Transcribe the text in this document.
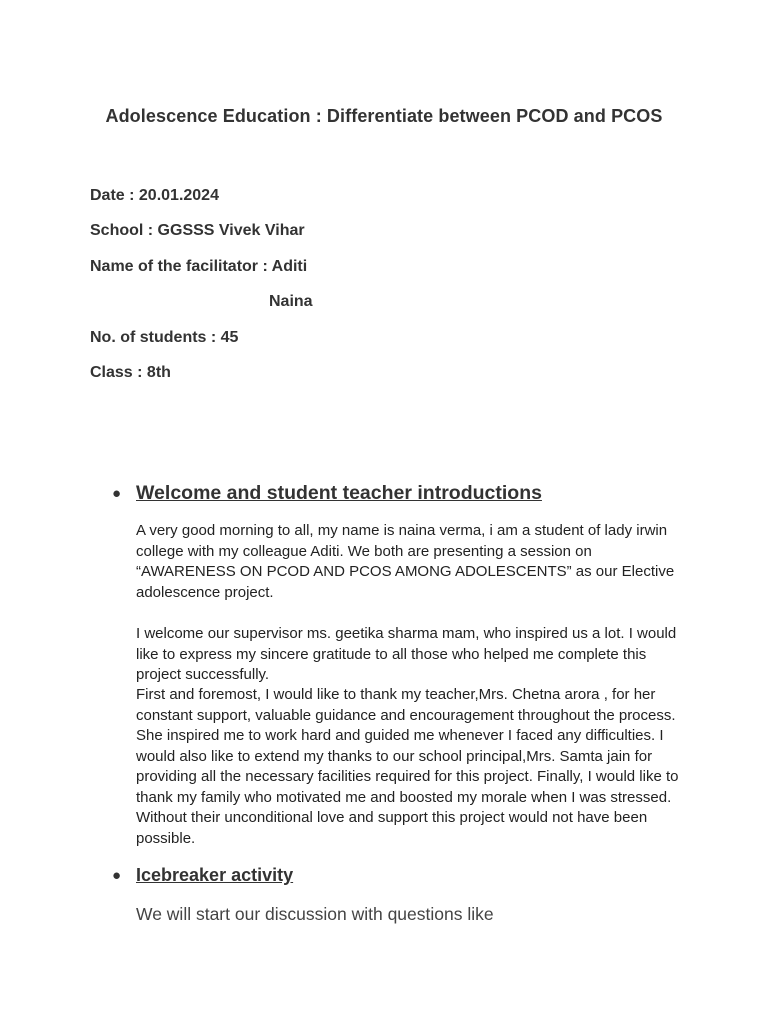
Adolescence Education : Differentiate between PCOD and PCOS

Date : 20.01.2024

School : GGSSS Vivek Vihar

Name of the facilitator : Aditi

Naina

No. of students : 45

Class : 8th

● Welcome and student teacher introductions

A very good morning to all, my name is naina verma, i am a student of lady irwin college with my colleague Aditi. We both are presenting a session on “AWARENESS ON PCOD AND PCOS AMONG ADOLESCENTS” as our Elective adolescence project.

I welcome our supervisor ms. geetika sharma mam, who inspired us a lot. I would like to express my sincere gratitude to all those who helped me complete this project successfully.

First and foremost, I would like to thank my teacher,Mrs. Chetna arora , for her constant support, valuable guidance and encouragement throughout the process. She inspired me to work hard and guided me whenever I faced any difficulties. I would also like to extend my thanks to our school principal,Mrs. Samta jain for providing all the necessary facilities required for this project. Finally, I would like to thank my family who motivated me and boosted my morale when I was stressed. Without their unconditional love and support this project would not have been possible.

● Icebreaker activity

We will start our discussion with questions like
